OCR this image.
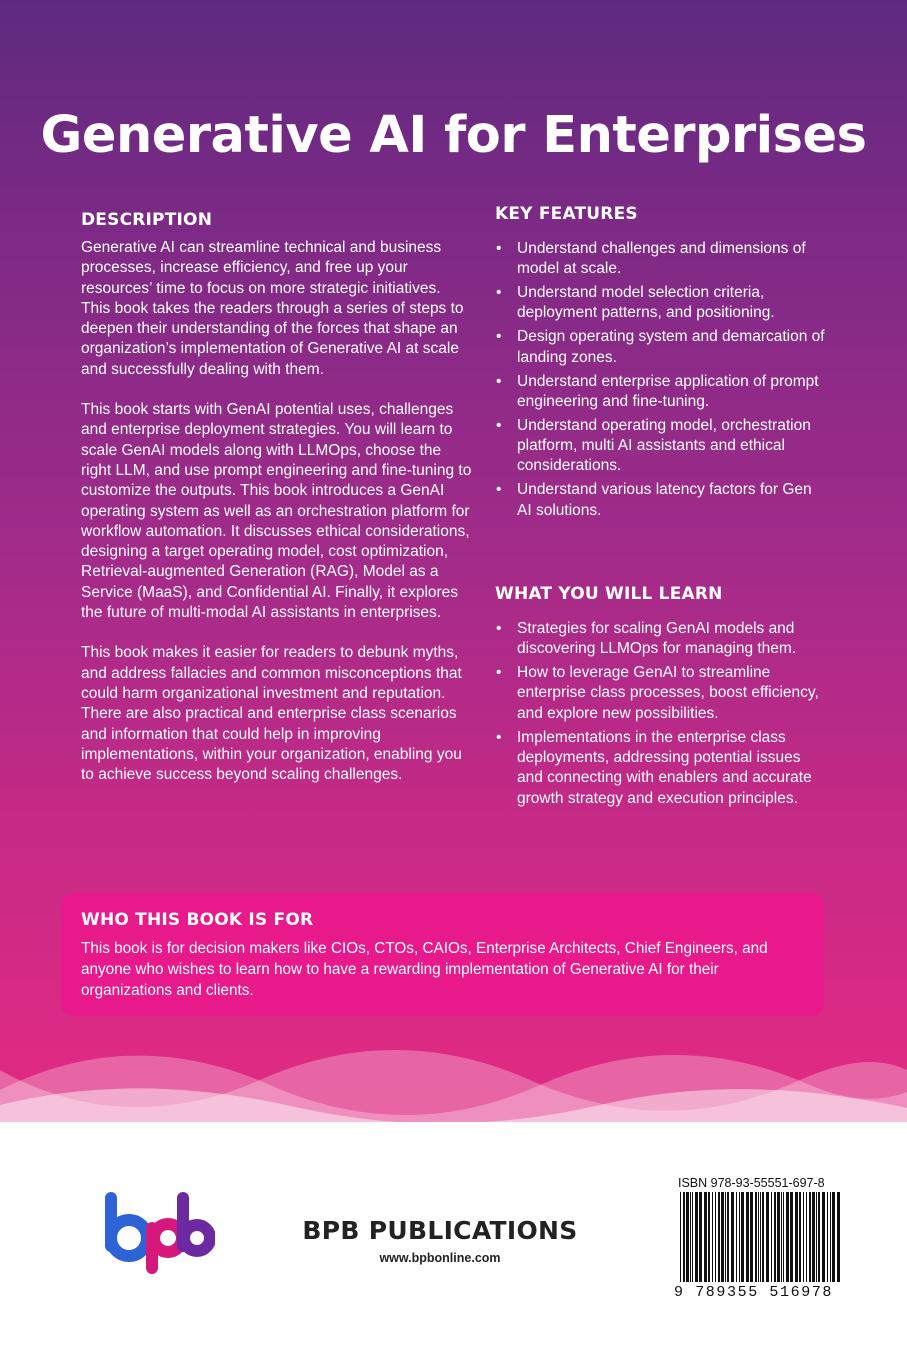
Generative AI for Enterprises
DESCRIPTION

Generative AI can streamline technical and business processes, increase efficiency, and free up your resources’ time to focus on more strategic initiatives. This book takes the readers through a series of steps to deepen their understanding of the forces that shape an organization’s implementation of Generative AI at scale and successfully dealing with them.

This book starts with GenAI potential uses, challenges and enterprise deployment strategies. You will learn to scale GenAI models along with LLMOps, choose the right LLM, and use prompt engineering and fine-tuning to customize the outputs. This book introduces a GenAI operating system as well as an orchestration platform for workflow automation. It discusses ethical considerations, designing a target operating model, cost optimization, Retrieval-augmented Generation (RAG), Model as a Service (MaaS), and Confidential AI. Finally, it explores the future of multi-modal AI assistants in enterprises.

This book makes it easier for readers to debunk myths, and address fallacies and common misconceptions that could harm organizational investment and reputation. There are also practical and enterprise class scenarios and information that could help in improving implementations, within your organization, enabling you to achieve success beyond scaling challenges.

KEY FEATURES
• Understand challenges and dimensions of model at scale.
• Understand model selection criteria, deployment patterns, and positioning.
• Design operating system and demarcation of landing zones.
• Understand enterprise application of prompt engineering and fine-tuning.
• Understand operating model, orchestration platform, multi AI assistants and ethical considerations.
• Understand various latency factors for Gen AI solutions.
WHAT YOU WILL LEARN
• Strategies for scaling GenAI models and discovering LLMOps for managing them.
• How to leverage GenAI to streamline enterprise class processes, boost efficiency, and explore new possibilities.
• Implementations in the enterprise class deployments, addressing potential issues and connecting with enablers and accurate growth strategy and execution principles.
WHO THIS BOOK IS FOR

This book is for decision makers like CIOs, CTOs, CAIOs, Enterprise Architects, Chief Engineers, and anyone who wishes to learn how to have a rewarding implementation of Generative AI for their organizations and clients.

BPB PUBLICATIONS
www.bpbonline.com
ISBN 978-93-55551-697-8
9 789355 516978
